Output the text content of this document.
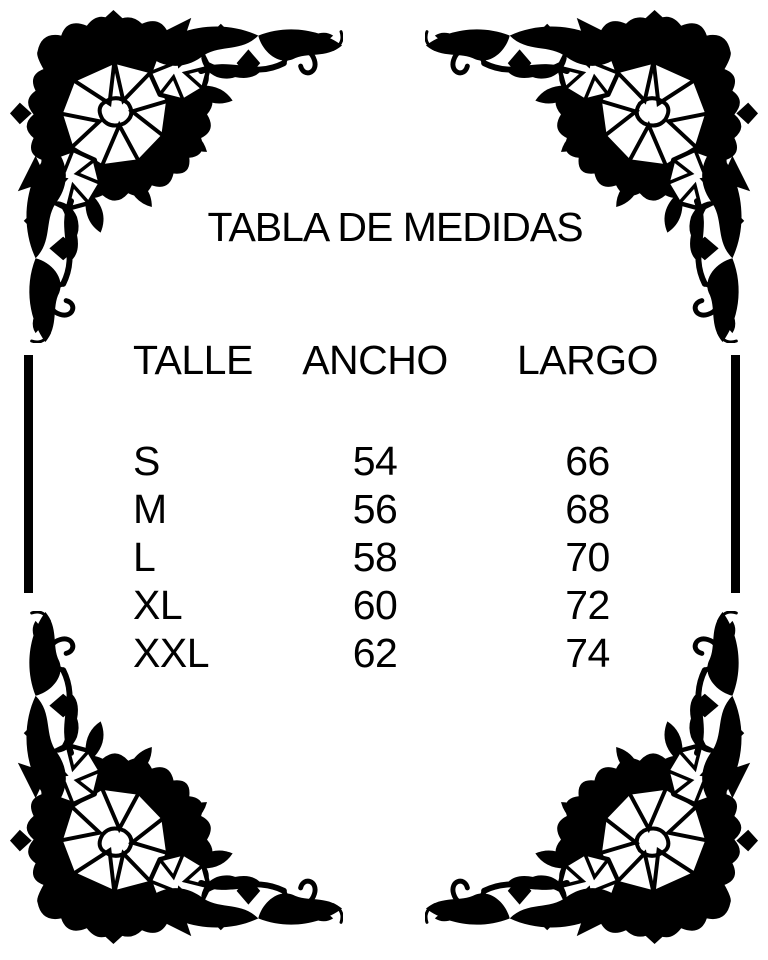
TABLA DE MEDIDAS
TALLE	ANCHO	LARGO
S	54	66
M	56	68
L	58	70
XL	60	72
XXL	62	74
